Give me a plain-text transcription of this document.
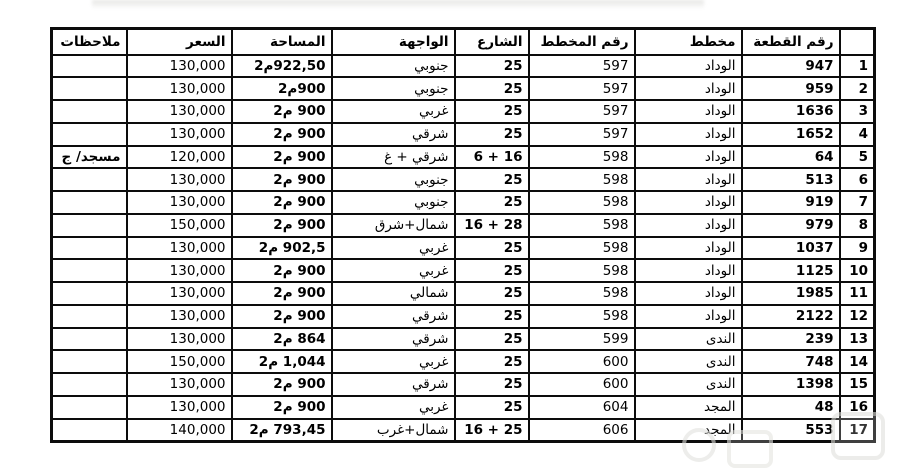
	رقم القطعة	مخطط	رقم المخطط	الشارع	الواجهة	المساحة	السعر	ملاحظات
1	947	الوداد	597	25	جنوبي	922,50م2	130,000	
2	959	الوداد	597	25	جنوبي	900م2	130,000	
3	1636	الوداد	597	25	غربي	900 م2	130,000	
4	1652	الوداد	597	25	شرقي	900 م2	130,000	
5	64	الوداد	598	16 + 6	شرقي + غ	900 م2	120,000	مسجد/ ج
6	513	الوداد	598	25	جنوبي	900 م2	130,000	
7	919	الوداد	598	25	جنوبي	900 م2	130,000	
8	979	الوداد	598	28 + 16	شمال+شرق	900 م2	150,000	
9	1037	الوداد	598	25	غربي	902,5 م2	130,000	
10	1125	الوداد	598	25	غربي	900 م2	130,000	
11	1985	الوداد	598	25	شمالي	900 م2	130,000	
12	2122	الوداد	598	25	شرقي	900 م2	130,000	
13	239	الندى	599	25	شرقي	864 م2	130,000	
14	748	الندى	600	25	غربي	1,044 م2	150,000	
15	1398	الندى	600	25	شرقي	900 م2	130,000	
16	48	المجد	604	25	غربي	900 م2	130,000	
17	553	المجد	606	25 + 16	شمال+غرب	793,45 م2	140,000	
